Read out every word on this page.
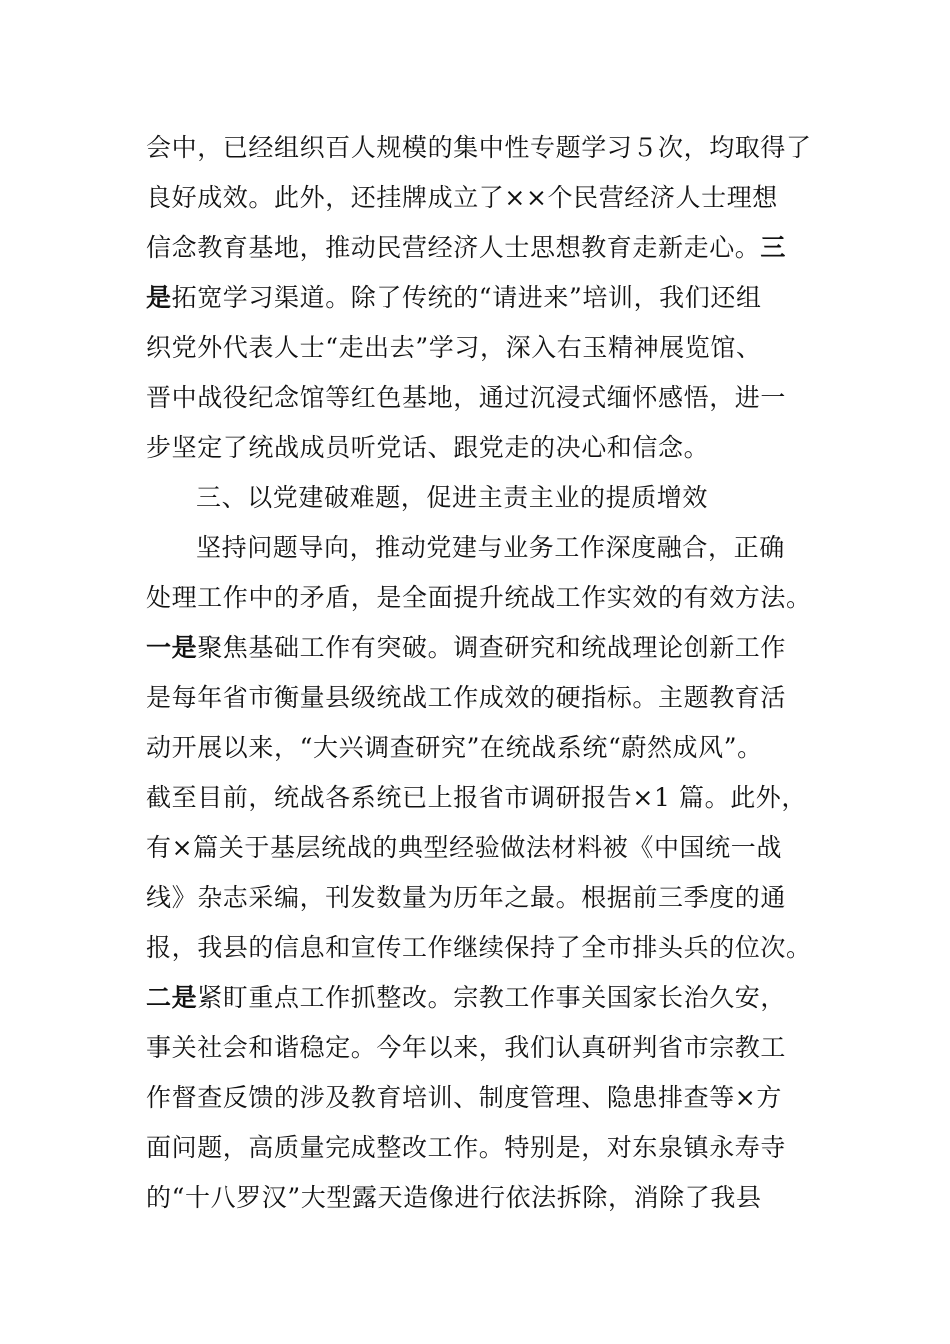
会中，已经组织百人规模的集中性专题学习５次，均取得了
良好成效。此外，还挂牌成立了××个民营经济人士理想
信念教育基地，推动民营经济人士思想教育走新走心。三
是拓宽学习渠道。除了传统的“请进来”培训，我们还组
织党外代表人士“走出去”学习，深入右玉精神展览馆、
晋中战役纪念馆等红色基地，通过沉浸式缅怀感悟，进一
步坚定了统战成员听党话、跟党走的决心和信念。
三、以党建破难题，促进主责主业的提质增效
坚持问题导向，推动党建与业务工作深度融合，正确
处理工作中的矛盾，是全面提升统战工作实效的有效方法。
一是聚焦基础工作有突破。调查研究和统战理论创新工作
是每年省市衡量县级统战工作成效的硬指标。主题教育活
动开展以来，“大兴调查研究”在统战系统“蔚然成风”。
截至目前，统战各系统已上报省市调研报告×1 篇。此外，
有×篇关于基层统战的典型经验做法材料被《中国统一战
线》杂志采编，刊发数量为历年之最。根据前三季度的通
报，我县的信息和宣传工作继续保持了全市排头兵的位次。
二是紧盯重点工作抓整改。宗教工作事关国家长治久安，
事关社会和谐稳定。今年以来，我们认真研判省市宗教工
作督查反馈的涉及教育培训、制度管理、隐患排查等×方
面问题，高质量完成整改工作。特别是，对东泉镇永寿寺
的“十八罗汉”大型露天造像进行依法拆除，消除了我县
